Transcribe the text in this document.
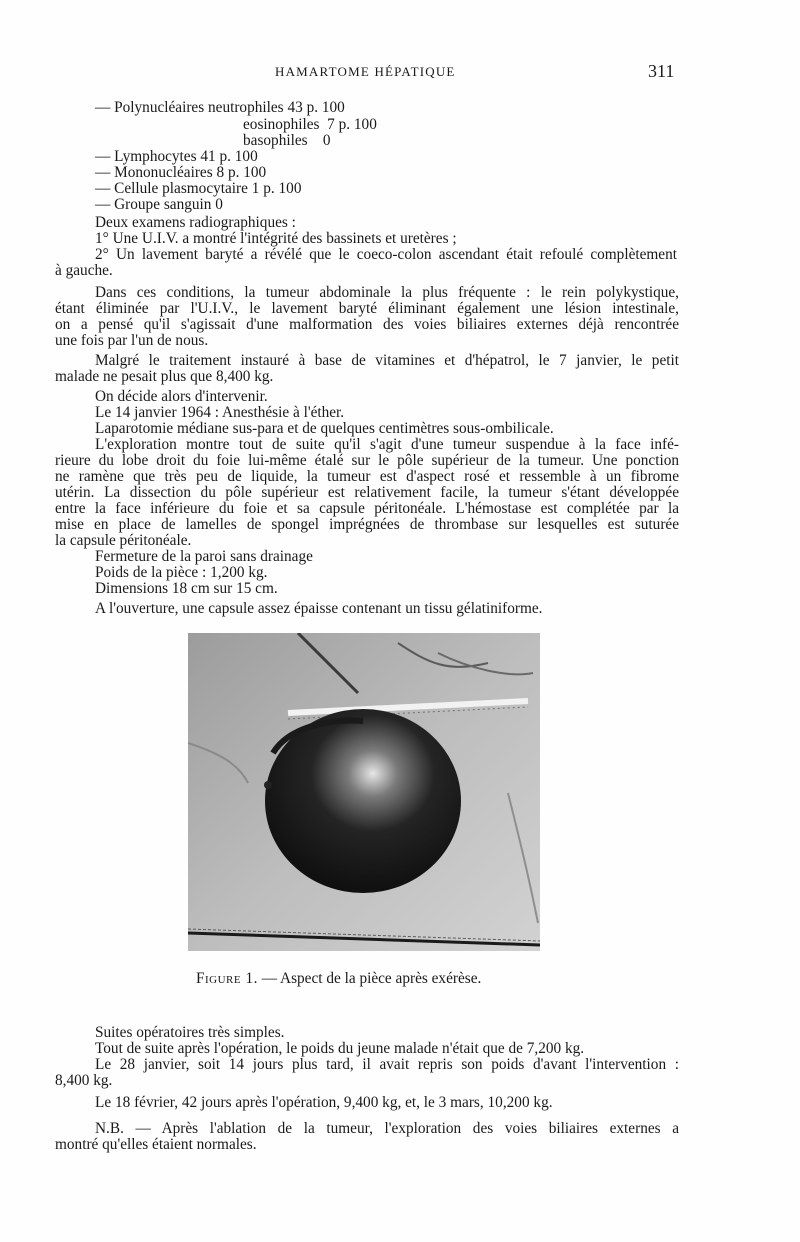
HAMARTOME HÉPATIQUE	311
— Polynucléaires neutrophiles 43 p. 100
eosinophiles  7 p. 100
basophiles    0
— Lymphocytes 41 p. 100
— Mononucléaires 8 p. 100
— Cellule plasmocytaire 1 p. 100
— Groupe sanguin 0
Deux examens radiographiques :
1° Une U.I.V. a montré l'intégrité des bassinets et uretères ;
2° Un lavement baryté a révélé que le coeco-colon ascendant était refoulé complètement
à gauche.
Dans ces conditions, la tumeur abdominale la plus fréquente : le rein polykystique,
étant éliminée par l'U.I.V., le lavement baryté éliminant également une lésion intestinale,
on a pensé qu'il s'agissait d'une malformation des voies biliaires externes déjà rencontrée
une fois par l'un de nous.
Malgré le traitement instauré à base de vitamines et d'hépatrol, le 7 janvier, le petit
malade ne pesait plus que 8,400 kg.
On décide alors d'intervenir.
Le 14 janvier 1964 : Anesthésie à l'éther.
Laparotomie médiane sus-para et de quelques centimètres sous-ombilicale.
L'exploration montre tout de suite qu'il s'agit d'une tumeur suspendue à la face infé-
rieure du lobe droit du foie lui-même étalé sur le pôle supérieur de la tumeur. Une ponction
ne ramène que très peu de liquide, la tumeur est d'aspect rosé et ressemble à un fibrome
utérin. La dissection du pôle supérieur est relativement facile, la tumeur s'étant développée
entre la face inférieure du foie et sa capsule péritonéale. L'hémostase est complétée par la
mise en place de lamelles de spongel imprégnées de thrombase sur lesquelles est suturée
la capsule péritonéale.
Fermeture de la paroi sans drainage
Poids de la pièce : 1,200 kg.
Dimensions 18 cm sur 15 cm.
A l'ouverture, une capsule assez épaisse contenant un tissu gélatiniforme.
Figure 1. — Aspect de la pièce après exérèse.
Suites opératoires très simples.
Tout de suite après l'opération, le poids du jeune malade n'était que de 7,200 kg.
Le 28 janvier, soit 14 jours plus tard, il avait repris son poids d'avant l'intervention :
8,400 kg.
Le 18 février, 42 jours après l'opération, 9,400 kg, et, le 3 mars, 10,200 kg.
N.B. — Après l'ablation de la tumeur, l'exploration des voies biliaires externes a
montré qu'elles étaient normales.
